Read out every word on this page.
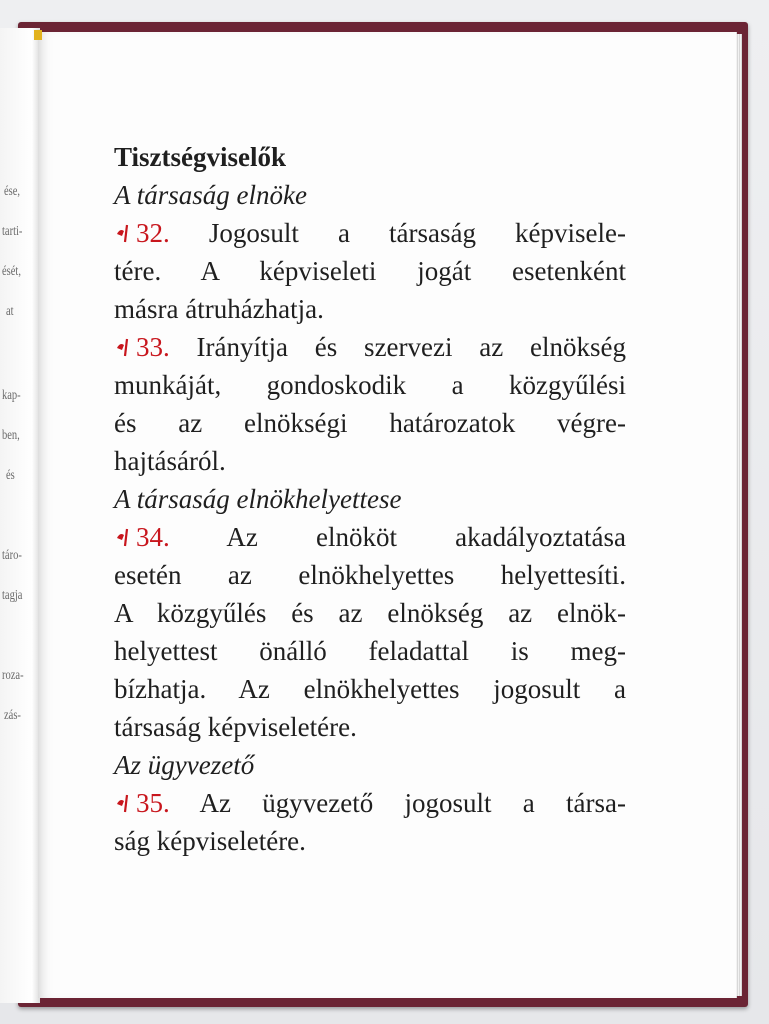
ése,
tarti-
ését,
at
kap-
ben,
és
táro-
tagja
roza-
zás-
Tisztségviselők
A társaság elnöke
32. Jogosult a társaság képvisele-
tére. A képviseleti jogát esetenként
másra átruházhatja.
33. Irányítja és szervezi az elnökség
munkáját, gondoskodik a közgyűlési
és az elnökségi határozatok végre-
hajtásáról.
A társaság elnökhelyettese
34. Az elnököt akadályoztatása
esetén az elnökhelyettes helyettesíti.
A közgyűlés és az elnökség az elnök-
helyettest önálló feladattal is meg-
bízhatja. Az elnökhelyettes jogosult a
társaság képviseletére.
Az ügyvezető
35. Az ügyvezető jogosult a társa-
ság képviseletére.
